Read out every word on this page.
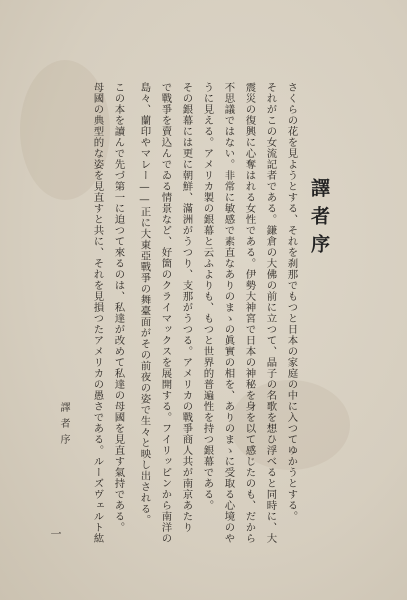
譯者序
さくらの花を見ようとする、それを刹那でもつと日本の家庭の中に入つてゆかうとする。
それがこの女流記者である。鎌倉の大佛の前に立つて、晶子の名歌を想ひ浮べると同時に、大
震災の復興に心奪はれる女性である。伊勢大神宮で日本の神秘を身を以て感じたのも、だから
不思議ではない。非常に敏感で素直なありのまゝの眞實の相を、ありのまゝに受取る心境のや
うに見える。アメリカ製の銀幕と云ふよりも、もつと世界的普遍性を持つ銀幕である。
その銀幕には更に朝鮮、滿洲がうつり、支那がうつる。アメリカの戰爭商人共が南京あたり
で戰爭を賣込んでゐる情景など、好箇のクライマックスを展開する。フイリッピンから南洋の
島々、蘭印やマレー——正に大東亞戰爭の舞臺面がその前夜の姿で生々と映し出される。
この本を讀んで先づ第一に迫つて來るのは、私達が改めて私達の母國を見直す氣持である。
母國の典型的な姿を見直すと共に、それを見損つたアメリカの愚さである。ルーズヴェルト紘
譯者序
一
